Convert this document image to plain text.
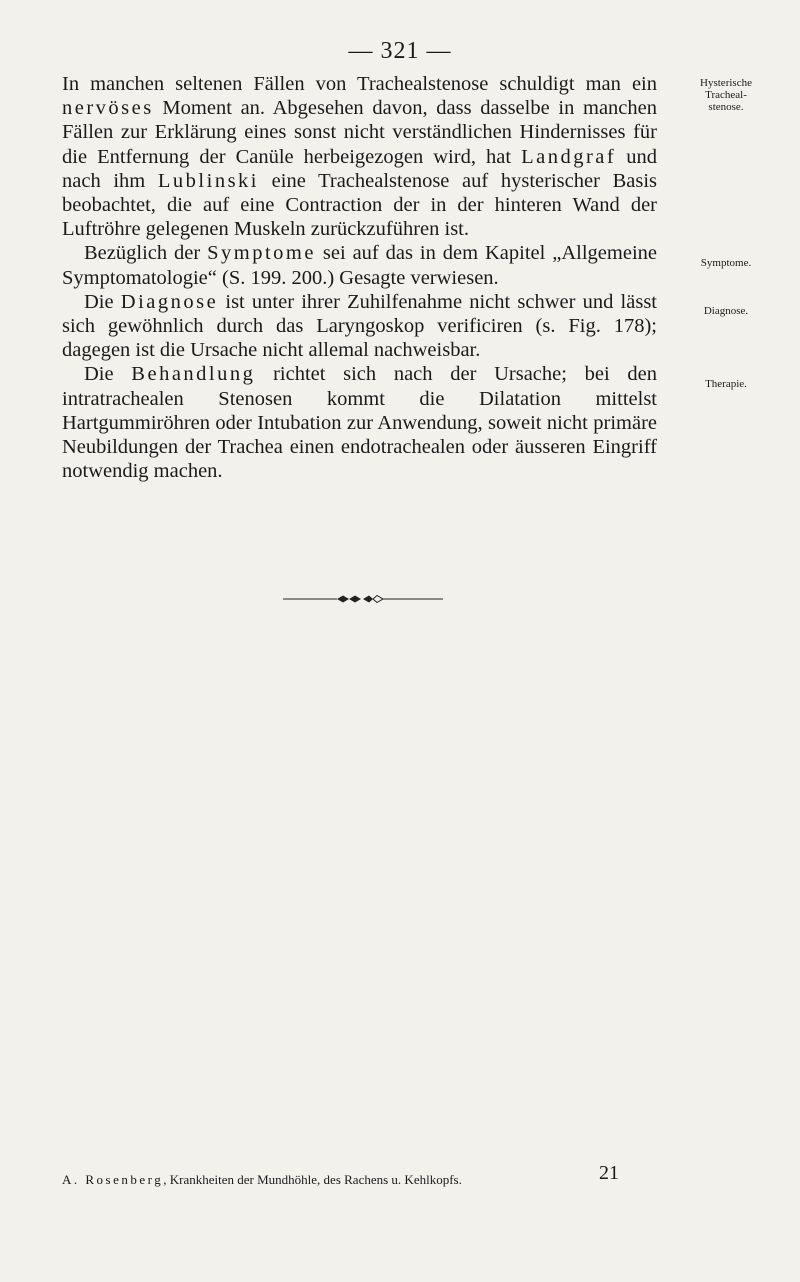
— 321 —

In manchen seltenen Fällen von Trachealstenose schuldigt man ein nervöses Moment an. Abgesehen davon, dass dasselbe in manchen Fällen zur Erklärung eines sonst nicht verständlichen Hindernisses für die Entfernung der Canüle herbeigezogen wird, hat Landgraf und nach ihm Lublinski eine Trachealstenose auf hysterischer Basis beobachtet, die auf eine Contraction der in der hinteren Wand der Luftröhre gelegenen Muskeln zurückzuführen ist.

Bezüglich der Symptome sei auf das in dem Kapitel „Allgemeine Symptomatologie“ (S. 199. 200.) Gesagte verwiesen.

Die Diagnose ist unter ihrer Zuhilfenahme nicht schwer und lässt sich gewöhnlich durch das Laryngoskop verificiren (s. Fig. 178); dagegen ist die Ursache nicht allemal nachweisbar.

Die Behandlung richtet sich nach der Ursache; bei den intratrachealen Stenosen kommt die Dilatation mittelst Hartgummiröhren oder Intubation zur Anwendung, soweit nicht primäre Neubildungen der Trachea einen endotrachealen oder äusseren Eingriff notwendig machen.

Hysterische
Tracheal-
stenose.
Symptome.
Diagnose.
Therapie.
A. Rosenberg, Krankheiten der Mundhöhle, des Rachens u. Kehlkopfs.	21
